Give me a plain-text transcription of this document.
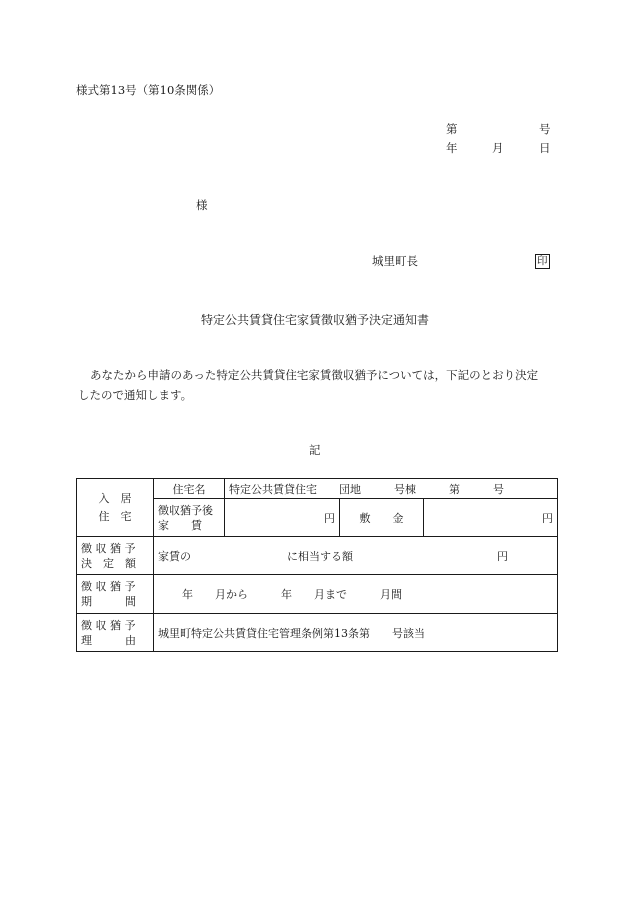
様式第13号（第10条関係）
第	号
年	月	日
様
城里町長	印
特定公共賃貸住宅家賃徴収猶予決定通知書
あなたから申請のあった特定公共賃貸住宅家賃徴収猶予については，下記のとおり決定
したので通知します。
記
入　居
住　宅	住宅名	特定公共賃貸住宅　　団地　　　号棟　　　第　　　号		

	徴収猶予後
家　　賃	円	敷　　金	円

徴 収 猶 予
決　定　額	家賃の に相当する額 円			

徴 収 猶 予
期　　　間	年　　月から　　　年　　月まで　　　月間			

徴 収 猶 予
理　　　由	城里町特定公共賃貸住宅管理条例第13条第　　号該当			
